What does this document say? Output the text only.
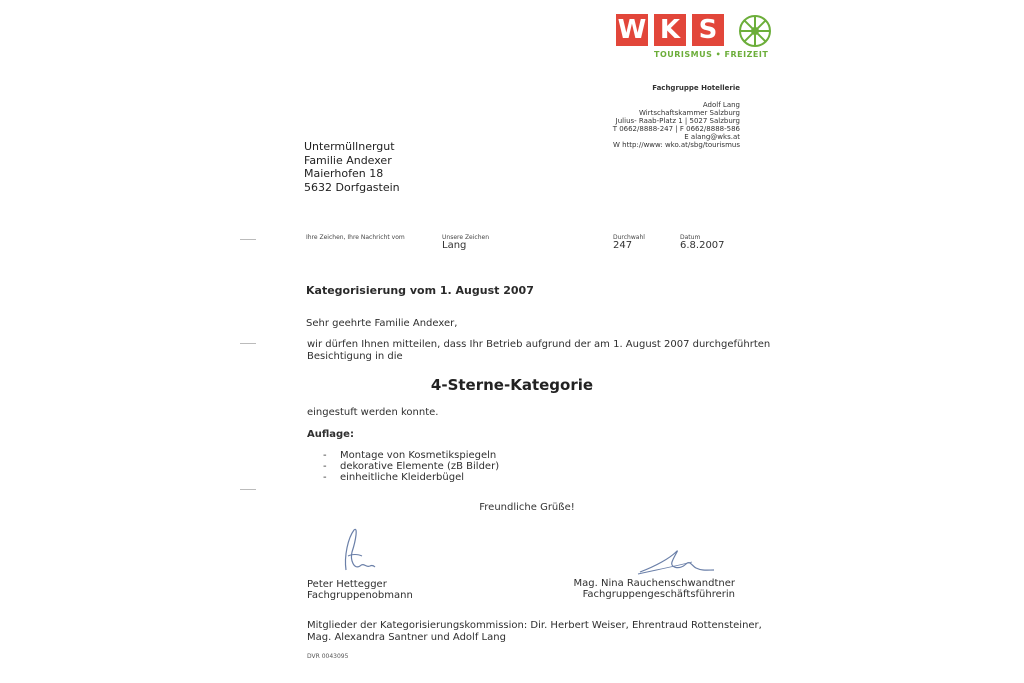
W K S
TOURISMUS • FREIZEIT
Fachgruppe Hotellerie
Adolf Lang
Wirtschaftskammer Salzburg
Julius- Raab-Platz 1 | 5027 Salzburg
T 0662/8888-247 | F 0662/8888-586
E alang@wks.at
W http://www: wko.at/sbg/tourismus
Untermüllnergut
Familie Andexer
Maierhofen 18
5632 Dorfgastein
Ihre Zeichen, Ihre Nachricht vom	Unsere Zeichen
Lang
Durchwahl
247
Datum
6.8.2007
Kategorisierung vom 1. August 2007
Sehr geehrte Familie Andexer,
wir dürfen Ihnen mitteilen, dass Ihr Betrieb aufgrund der am 1. August 2007 durchgeführten
Besichtigung in die
4-Sterne-Kategorie
eingestuft werden konnte.
Auflage:
- Montage von Kosmetikspiegeln
- dekorative Elemente (zB Bilder)
- einheitliche Kleiderbügel
Freundliche Grüße!
Peter Hettegger
Fachgruppenobmann
Mag. Nina Rauchenschwandtner
Fachgruppengeschäftsführerin
Mitglieder der Kategorisierungskommission: Dir. Herbert Weiser, Ehrentraud Rottensteiner,
Mag. Alexandra Santner und Adolf Lang
DVR 0043095
